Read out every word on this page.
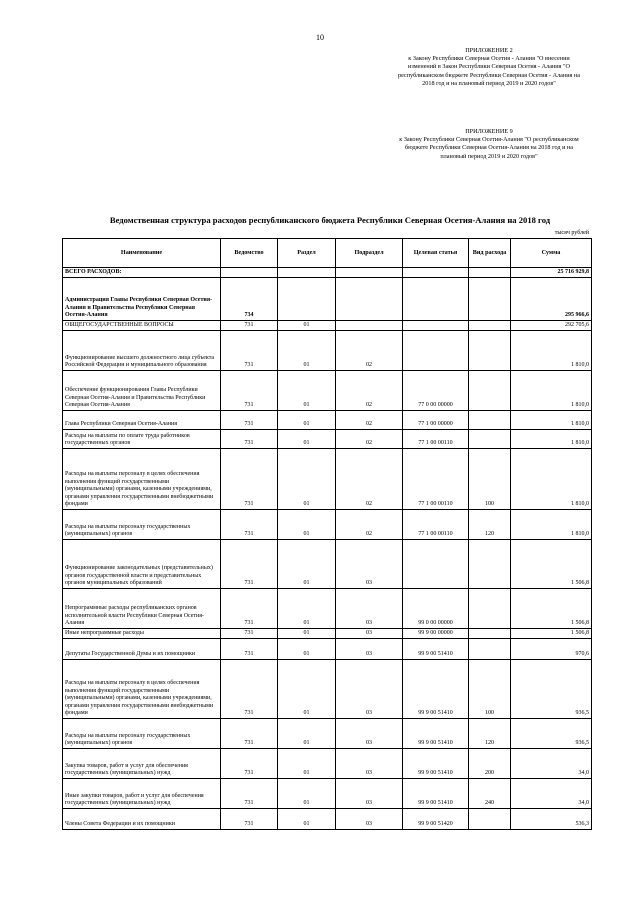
10
ПРИЛОЖЕНИЕ 2
к Закону Республики Северная Осетия - Алания "О внесении изменений в Закон Республики Северная Осетия - Алания "О республиканском бюджете Республики Северная Осетия - Алания на 2018 год и на плановый период 2019 и 2020 годов"
ПРИЛОЖЕНИЕ 9
к Закону Республики Северная Осетия-Алания "О республиканском бюджете Республики Северная Осетия-Алания на 2018 год и на плановый период 2019 и 2020 годов"
Ведомственная структура расходов республиканского бюджета Республики Северная Осетия-Алания на 2018 год
тысяч рублей
Наименование	Ведомство	Раздел	Подраздел	Целевая статья	Вид расхода	Сумма
ВСЕГО РАСХОДОВ:						25 716 929,8
Администрация Главы Республики Северная Осетия-Алания и Правительства Республики Северная Осетия-Алания	734					295 966,6
ОБЩЕГОСУДАРСТВЕННЫЕ ВОПРОСЫ	731	01				292 705,6
Функционирование высшего должностного лица субъекта Российской Федерации и муниципального образования	731	01	02			1 810,0
Обеспечение функционирования Главы Республики Северная Осетия-Алания и Правительства Республики Северная Осетия-Алания	731	01	02	77 0 00 00000		1 810,0
Глава Республики Северная Осетия-Алания	731	01	02	77 1 00 00000		1 810,0
Расходы на выплаты по оплате труда работников государственных органов	731	01	02	77 1 00 00110		1 810,0
Расходы на выплаты персоналу в целях обеспечения выполнения функций государственными (муниципальными) органами, казенными учреждениями, органами управления государственными внебюджетными фондами	731	01	02	77 1 00 00110	100	1 810,0
Расходы на выплаты персоналу государственных (муниципальных) органов	731	01	02	77 1 00 00110	120	1 810,0
Функционирование законодательных (представительных) органов государственной власти и представительных органов муниципальных образований	731	01	03			1 506,8
Непрограммные расходы республиканских органов исполнительной власти Республики Северная Осетия-Алания	731	01	03	99 0 00 00000		1 506,8
Иные непрограммные расходы	731	01	03	99 9 00 00000		1 506,8
Депутаты Государственной Думы и их помощники	731	01	03	99 9 00 51410		970,6
Расходы на выплаты персоналу в целях обеспечения выполнения функций государственными (муниципальными) органами, казенными учреждениями, органами управления государственными внебюджетными фондами	731	01	03	99 9 00 51410	100	936,5
Расходы на выплаты персоналу государственных (муниципальных) органов	731	01	03	99 9 00 51410	120	936,5
Закупка товаров, работ и услуг для обеспечения государственных (муниципальных) нужд	731	01	03	99 9 00 51410	200	34,0
Иные закупки товаров, работ и услуг для обеспечения государственных (муниципальных) нужд	731	01	03	99 9 00 51410	240	34,0
Члены Совета Федерации и их помощники	731	01	03	99 9 00 51420		536,3
